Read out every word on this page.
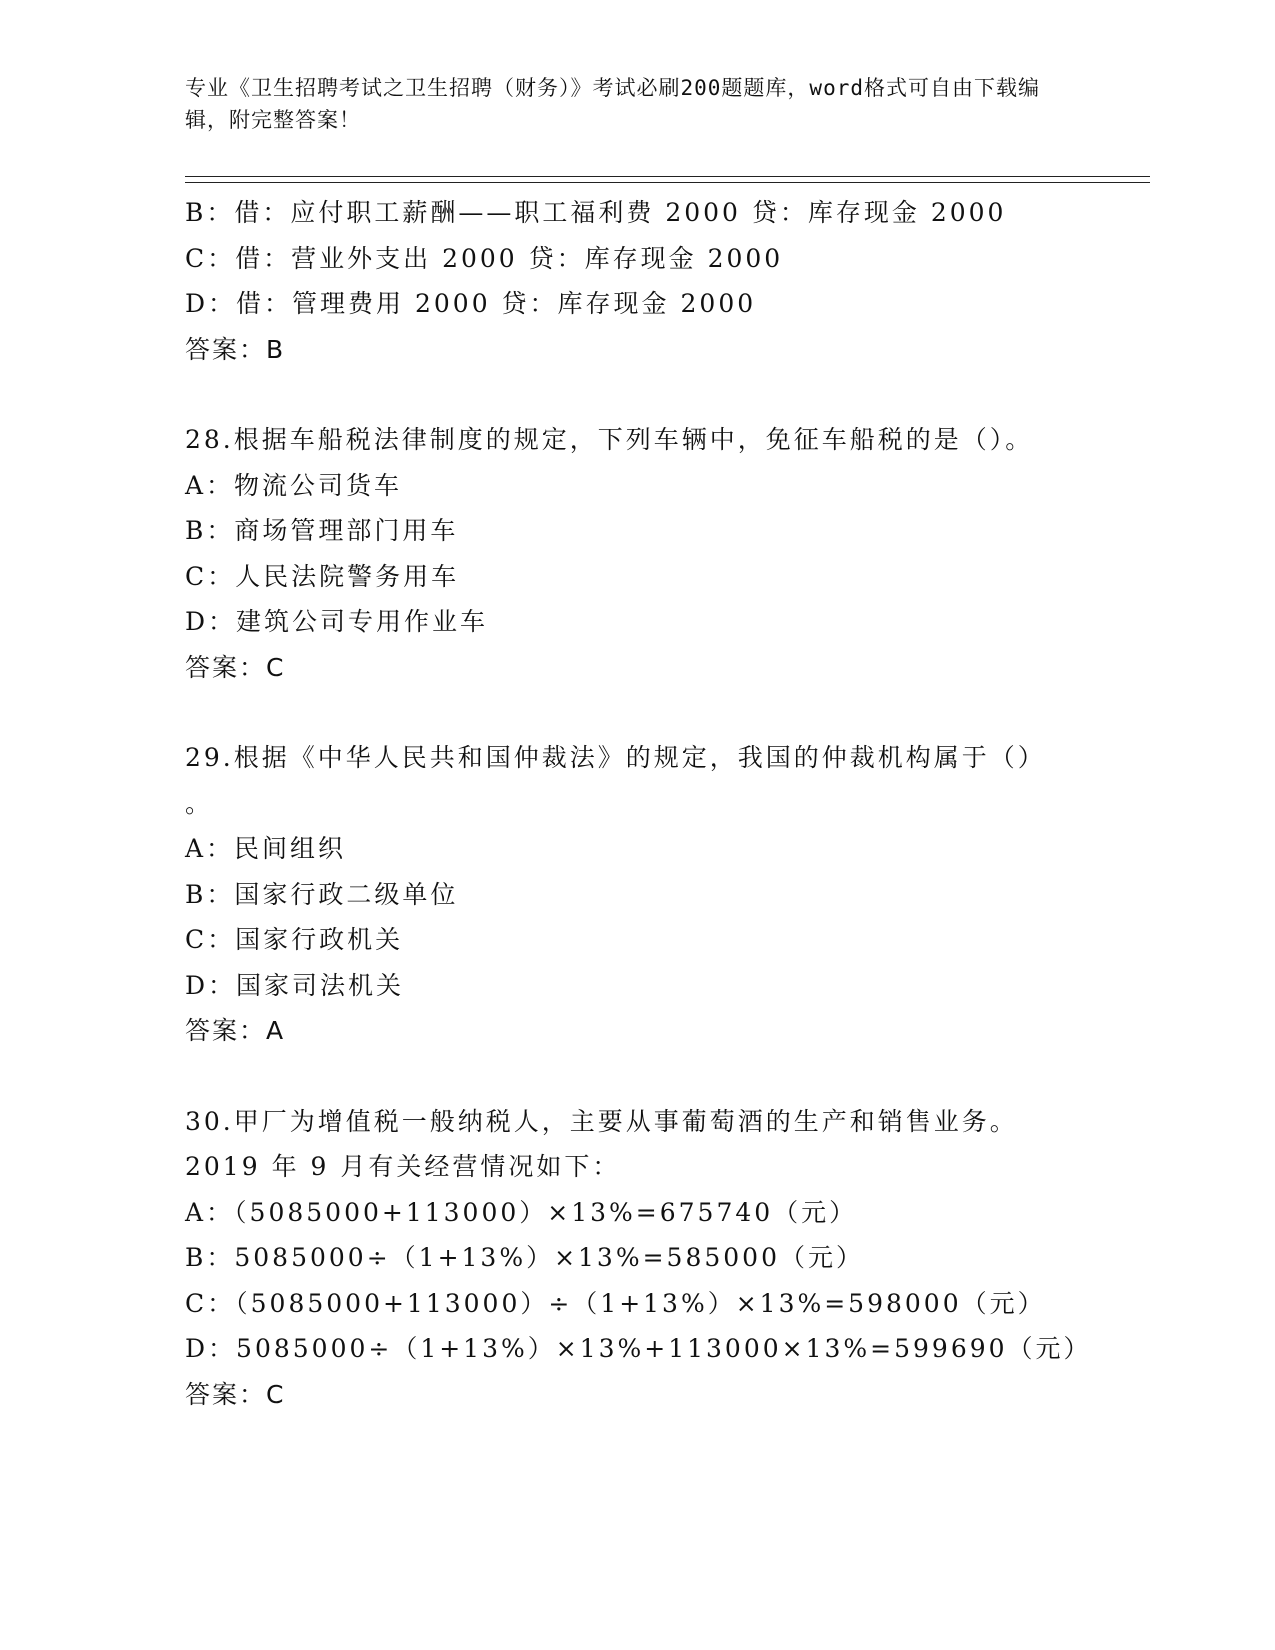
专业《卫生招聘考试之卫生招聘（财务）》考试必刷200题题库，word格式可自由下载编辑，附完整答案！
B：借：应付职工薪酬——职工福利费 2000 贷：库存现金 2000
C：借：营业外支出 2000 贷：库存现金 2000
D：借：管理费用 2000 贷：库存现金 2000
答案：B
28.根据车船税法律制度的规定，下列车辆中，免征车船税的是（）。
A：物流公司货车
B：商场管理部门用车
C：人民法院警务用车
D：建筑公司专用作业车
答案：C
29.根据《中华人民共和国仲裁法》的规定，我国的仲裁机构属于（）
。
A：民间组织
B：国家行政二级单位
C：国家行政机关
D：国家司法机关
答案：A
30.甲厂为增值税一般纳税人，主要从事葡萄酒的生产和销售业务。
2019 年 9 月有关经营情况如下：
A：（5085000+113000）×13%=675740（元）
B：5085000÷（1+13%）×13%=585000（元）
C：（5085000+113000）÷（1+13%）×13%=598000（元）
D：5085000÷（1+13%）×13%+113000×13%=599690（元）
答案：C
